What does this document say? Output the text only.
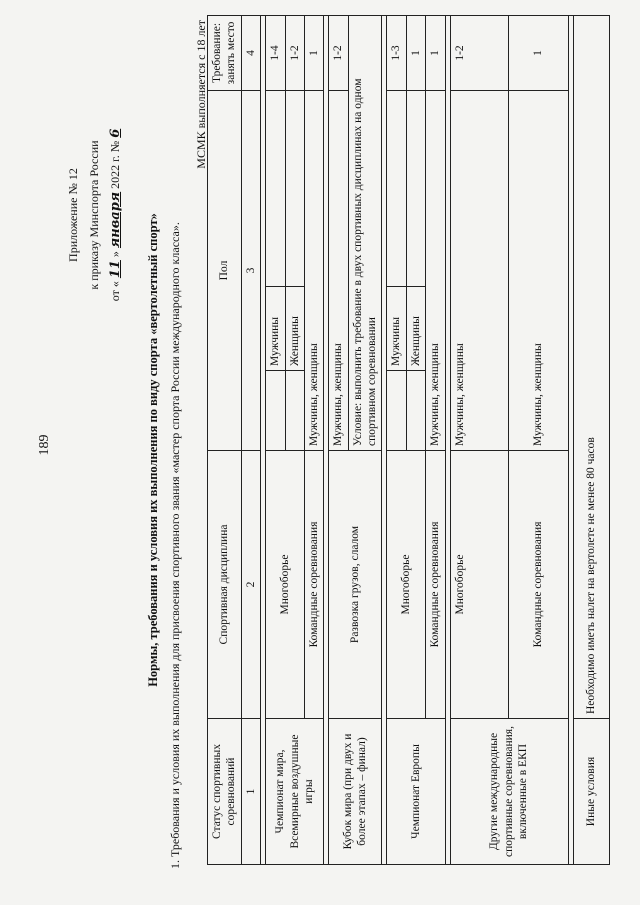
189
Приложение № 12 к приказу Минспорта России
от « 11 » января 2022 г. № 6
Нормы, требования и условия их выполнения по виду спорта «вертолетный спорт» 1. Требования и условия их выполнения для присвоения спортивного звания «мастер спорта России международного класса».
МСМК выполняется с 18 лет
Статус спортивных соревнований	Спортивная дисциплина	Пол			Требование: занять место
1	2	3			4

Чемпионат мира, Всемирные воздушные игры	Многоборье		Мужчины		1-4
			Женщины		1-2
	Командные соревнования	Мужчины, женщины			1

Кубок мира (при двух и более этапах – финал)	Развозка грузов, слалом	Мужчины, женщины			1-2
		Условие: выполнить требование в двух спортивных дисциплинах на одном спортивном соревновании			

Чемпионат Европы	Многоборье		Мужчины		1-3
			Женщины		1
	Командные соревнования	Мужчины, женщины			1

Другие международные спортивные соревнования, включенные в ЕКП	Многоборье	Мужчины, женщины			1-2
	Командные соревнования	Мужчины, женщины			1

Иные условия	Необходимо иметь налет на вертолете не менее 80 часов				
